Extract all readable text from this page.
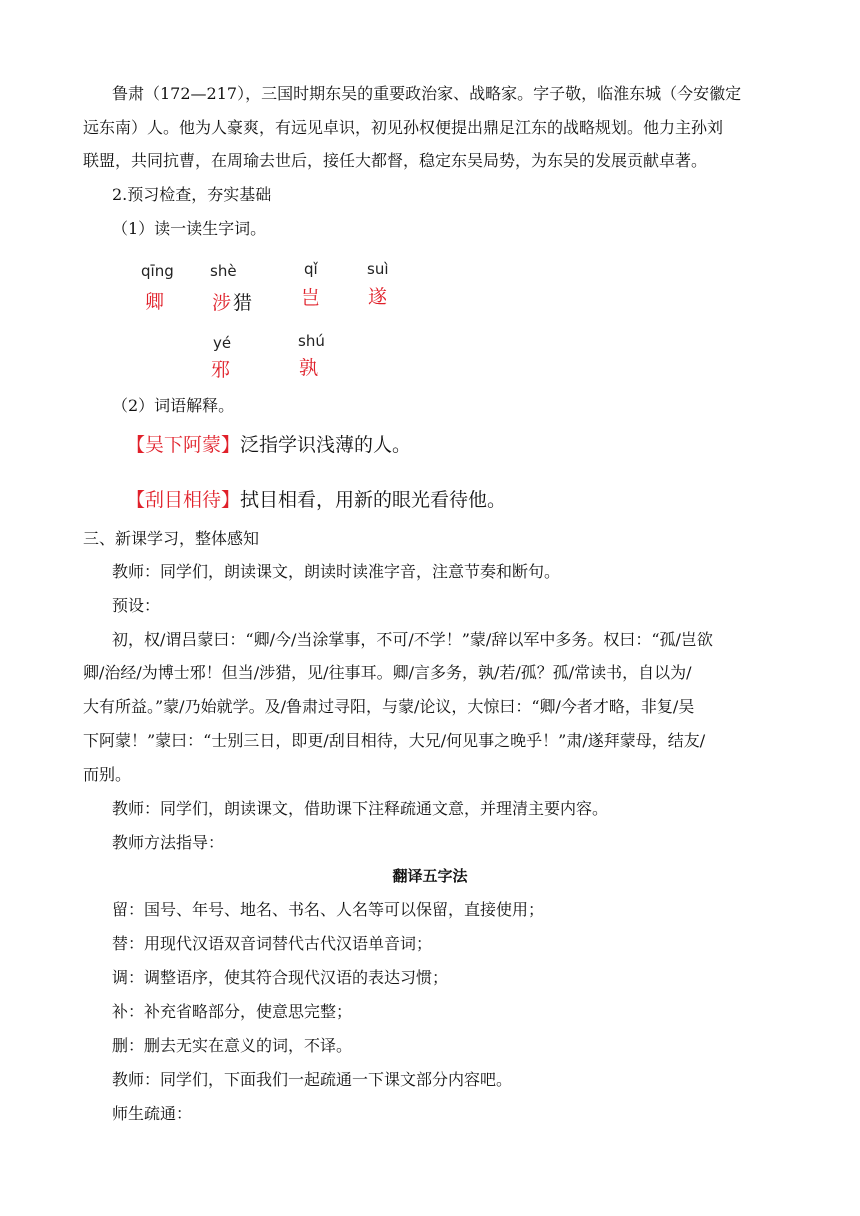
鲁肃（172—217），三国时期东吴的重要政治家、战略家。字子敬，临淮东城（今安徽定
远东南）人。他为人豪爽，有远见卓识，初见孙权便提出鼎足江东的战略规划。他力主孙刘
联盟，共同抗曹，在周瑜去世后，接任大都督，稳定东吴局势，为东吴的发展贡献卓著。
2.预习检查，夯实基础
（1）读一读生字词。
qīng
卿
shè
涉 猎
qǐ
岂
suì
遂
yé
邪
shú
孰
（2）词语解释。
【吴下阿蒙】泛指学识浅薄的人。
【刮目相待】拭目相看，用新的眼光看待他。
三、新课学习，整体感知
教师：同学们，朗读课文，朗读时读准字音，注意节奏和断句。
预设：
初，权/谓吕蒙曰：“卿/今/当涂掌事，不可/不学！”蒙/辞以军中多务。权曰：“孤/岂欲
卿/治经/为博士邪！但当/涉猎，见/往事耳。卿/言多务，孰/若/孤？孤/常读书，自以为/
大有所益。”蒙/乃始就学。及/鲁肃过寻阳，与蒙/论议，大惊曰：“卿/今者才略，非复/吴
下阿蒙！”蒙曰：“士别三日，即更/刮目相待，大兄/何见事之晚乎！”肃/遂拜蒙母，结友/
而别。
教师：同学们，朗读课文，借助课下注释疏通文意，并理清主要内容。
教师方法指导：
翻译五字法
留：国号、年号、地名、书名、人名等可以保留，直接使用；
替：用现代汉语双音词替代古代汉语单音词；
调：调整语序，使其符合现代汉语的表达习惯；
补：补充省略部分，使意思完整；
删：删去无实在意义的词，不译。
教师：同学们，下面我们一起疏通一下课文部分内容吧。
师生疏通：
